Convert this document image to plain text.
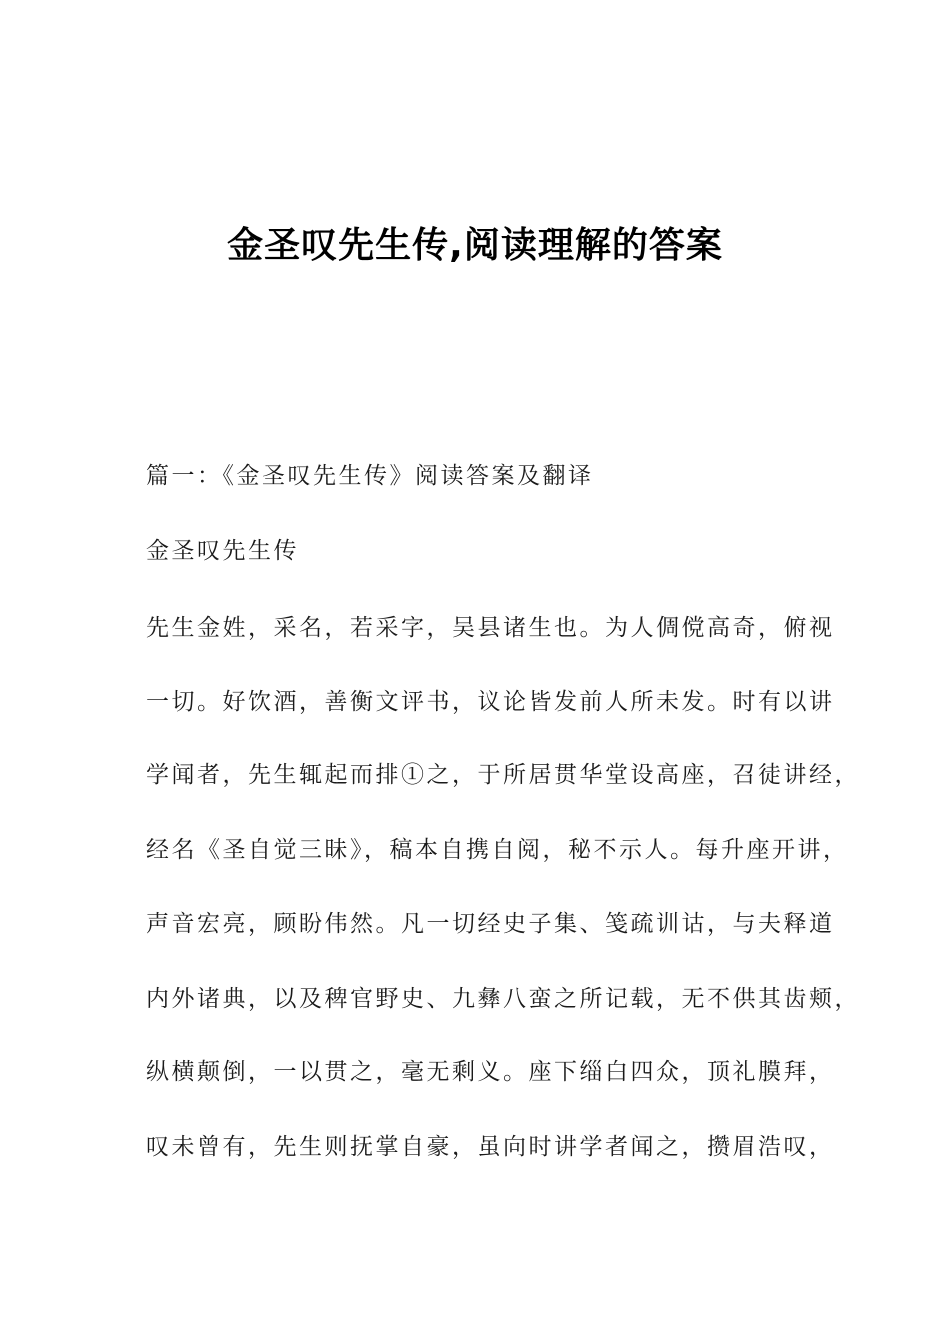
金圣叹先生传,阅读理解的答案
篇一：《金圣叹先生传》阅读答案及翻译
金圣叹先生传
先生金姓，采名，若采字，吴县诸生也。为人倜傥高奇，俯视
一切。好饮酒，善衡文评书，议论皆发前人所未发。时有以讲
学闻者，先生辄起而排①之，于所居贯华堂设高座，召徒讲经，
经名《圣自觉三昧》，稿本自携自阅，秘不示人。每升座开讲，
声音宏亮，顾盼伟然。凡一切经史子集、笺疏训诂，与夫释道
内外诸典，以及稗官野史、九彝八蛮之所记载，无不供其齿颊，
纵横颠倒，一以贯之，毫无剩义。座下缁白四众，顶礼膜拜，
叹未曾有，先生则抚掌自豪，虽向时讲学者闻之，攒眉浩叹，
